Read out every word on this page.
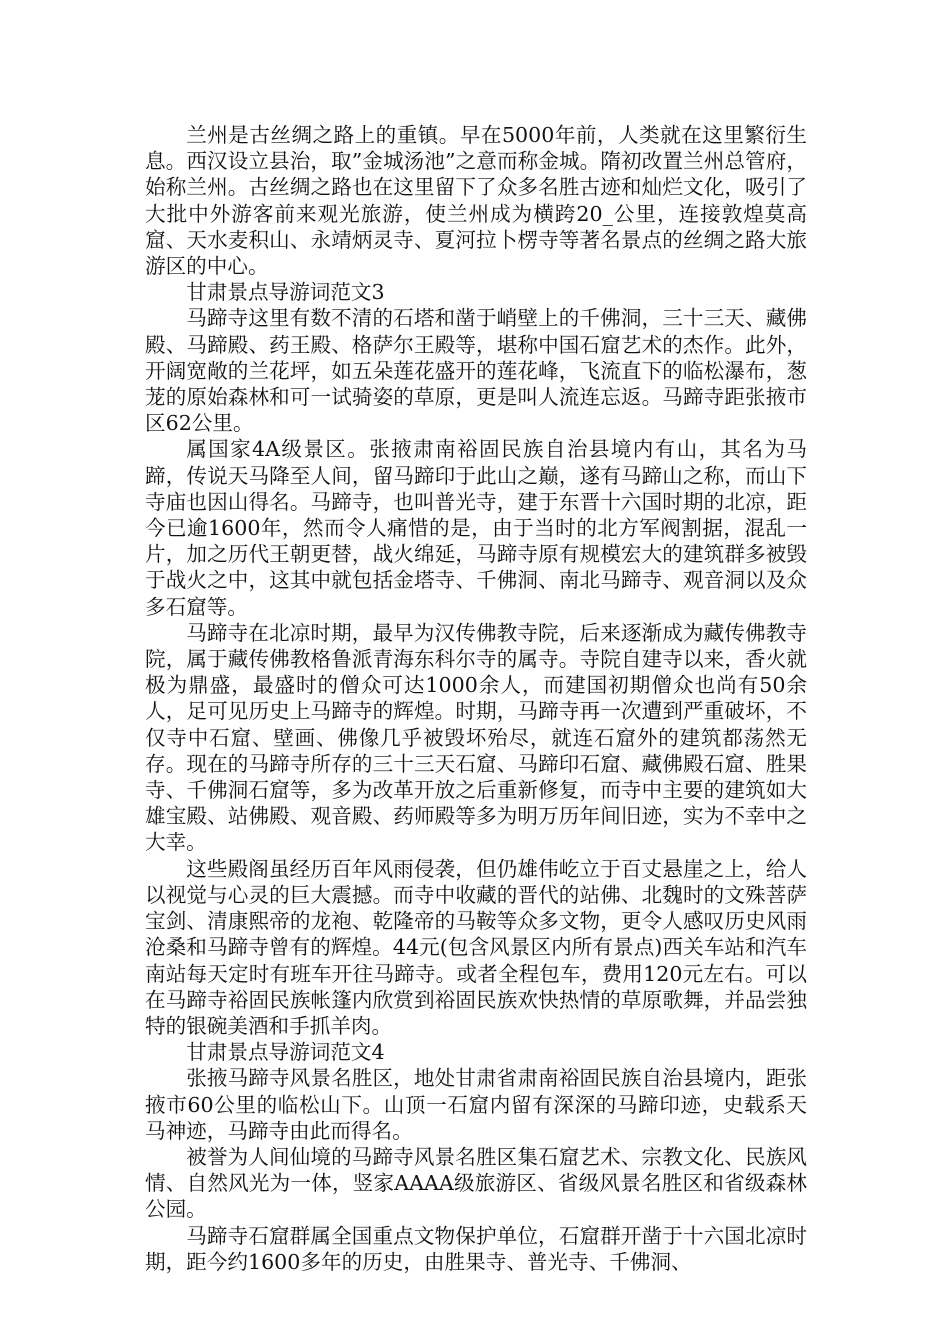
兰州是古丝绸之路上的重镇。早在5000年前，人类就在这里繁衍生息。西汉设立县治，取”金城汤池”之意而称金城。隋初改置兰州总管府，始称兰州。古丝绸之路也在这里留下了众多名胜古迹和灿烂文化，吸引了大批中外游客前来观光旅游，使兰州成为横跨20_公里，连接敦煌莫高窟、天水麦积山、永靖炳灵寺、夏河拉卜楞寺等著名景点的丝绸之路大旅游区的中心。

甘肃景点导游词范文3

马蹄寺这里有数不清的石塔和凿于峭壁上的千佛洞，三十三天、藏佛殿、马蹄殿、药王殿、格萨尔王殿等，堪称中国石窟艺术的杰作。此外，开阔宽敞的兰花坪，如五朵莲花盛开的莲花峰，飞流直下的临松瀑布，葱茏的原始森林和可一试骑姿的草原，更是叫人流连忘返。马蹄寺距张掖市区62公里。

属国家4A级景区。张掖肃南裕固民族自治县境内有山，其名为马蹄，传说天马降至人间，留马蹄印于此山之巅，遂有马蹄山之称，而山下寺庙也因山得名。马蹄寺，也叫普光寺，建于东晋十六国时期的北凉，距今已逾1600年，然而令人痛惜的是，由于当时的北方军阀割据，混乱一片，加之历代王朝更替，战火绵延，马蹄寺原有规模宏大的建筑群多被毁于战火之中，这其中就包括金塔寺、千佛洞、南北马蹄寺、观音洞以及众多石窟等。

马蹄寺在北凉时期，最早为汉传佛教寺院，后来逐渐成为藏传佛教寺院，属于藏传佛教格鲁派青海东科尔寺的属寺。寺院自建寺以来，香火就极为鼎盛，最盛时的僧众可达1000余人，而建国初期僧众也尚有50余人，足可见历史上马蹄寺的辉煌。时期，马蹄寺再一次遭到严重破坏，不仅寺中石窟、壁画、佛像几乎被毁坏殆尽，就连石窟外的建筑都荡然无存。现在的马蹄寺所存的三十三天石窟、马蹄印石窟、藏佛殿石窟、胜果寺、千佛洞石窟等，多为改革开放之后重新修复，而寺中主要的建筑如大雄宝殿、站佛殿、观音殿、药师殿等多为明万历年间旧迹，实为不幸中之大幸。

这些殿阁虽经历百年风雨侵袭，但仍雄伟屹立于百丈悬崖之上，给人以视觉与心灵的巨大震撼。而寺中收藏的晋代的站佛、北魏时的文殊菩萨宝剑、清康熙帝的龙袍、乾隆帝的马鞍等众多文物，更令人感叹历史风雨沧桑和马蹄寺曾有的辉煌。44元(包含风景区内所有景点)西关车站和汽车南站每天定时有班车开往马蹄寺。或者全程包车，费用120元左右。可以在马蹄寺裕固民族帐篷内欣赏到裕固民族欢快热情的草原歌舞，并品尝独特的银碗美酒和手抓羊肉。

甘肃景点导游词范文4

张掖马蹄寺风景名胜区，地处甘肃省肃南裕固民族自治县境内，距张掖市60公里的临松山下。山顶一石窟内留有深深的马蹄印迹，史载系天马神迹，马蹄寺由此而得名。

被誉为人间仙境的马蹄寺风景名胜区集石窟艺术、宗教文化、民族风情、自然风光为一体，竖家AAAA级旅游区、省级风景名胜区和省级森林公园。

马蹄寺石窟群属全国重点文物保护单位，石窟群开凿于十六国北凉时期，距今约1600多年的历史，由胜果寺、普光寺、千佛洞、
